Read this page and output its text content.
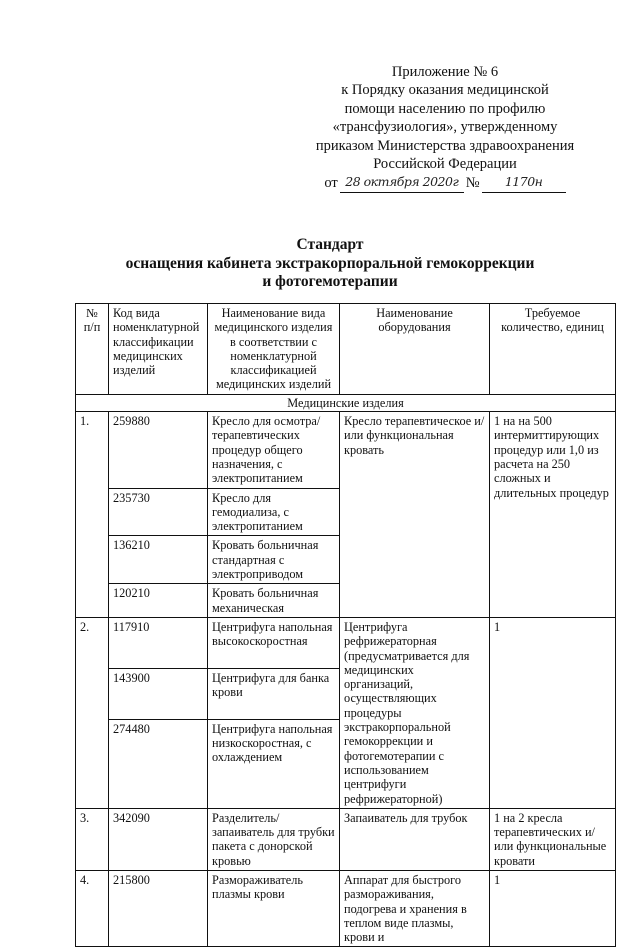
Приложение № 6
к Порядку оказания медицинской
помощи населению по профилю
«трансфузиология», утвержденному
приказом Министерства здравоохранения
Российской Федерации
от 28 октября 2020г №	1170н
Стандарт
оснащения кабинета экстракорпоральной гемокоррекции
и фотогемотерапии
№ п/п	Код вида номенклатурной классификации медицинских изделий	Наименование вида медицинского изделия в соответствии с номенклатурной классификацией медицинских изделий	Наименование оборудования	Требуемое количество, единиц
Медицинские изделия				
1.	259880	Кресло для осмотра/ терапевтических процедур общего назначения, с электропитанием	Кресло терапевтическое и/или функциональная кровать	1 на на 500 интермиттирующих процедур или 1,0 из расчета на 250 сложных и длительных процедур
	235730	Кресло для гемодиализа, с электропитанием		
	136210	Кровать больничная стандартная с электроприводом		
	120210	Кровать больничная механическая		
2.	117910	Центрифуга напольная высокоскоростная	Центрифуга рефрижераторная (предусматривается для медицинских организаций, осуществляющих процедуры экстракорпоральной гемокоррекции и фотогемотерапии с использованием центрифуги рефрижераторной)	1
	143900	Центрифуга для банка крови		
	274480	Центрифуга напольная низкоскоростная, с охлаждением		
3.	342090	Разделитель/ запаиватель для трубки пакета с донорской кровью	Запаиватель для трубок	1 на 2 кресла терапевтических и/или функциональные кровати
4.	215800	Размораживатель плазмы крови	Аппарат для быстрого размораживания, подогрева и хранения в теплом виде плазмы, крови и	1
